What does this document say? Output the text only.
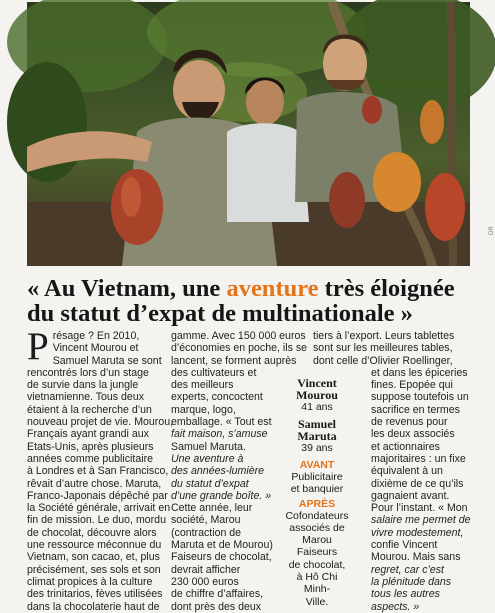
DR
« Au Vietnam, une aventure très éloignée
du statut d’expat de multinationale »
P résage ? En 2010,
Vincent Mourou et
Samuel Maruta se sont
rencontrés lors d’un stage
de survie dans la jungle
vietnamienne. Tous deux
étaient à la recherche d’un
nouveau projet de vie. Mourou,
Français ayant grandi aux
Etats-Unis, après plusieurs
années comme publicitaire
à Londres et à San Francisco,
rêvait d’autre chose. Maruta,
Franco-Japonais dépêché par
la Société générale, arrivait en
fin de mission. Le duo, mordu
de chocolat, découvre alors
une ressource méconnue du
Vietnam, son cacao, et, plus
précisément, ses sols et son
climat propices à la culture
des trinitarios, fèves utilisées
dans la chocolaterie haut de
gamme. Avec 150 000 euros
d’économies en poche, ils se
lancent, se forment auprès
des cultivateurs et
des meilleurs
experts, concoctent
marque, logo,
emballage. « Tout est
fait maison, s’amuse
Samuel Maruta.
Une aventure à
des années-lumière
du statut d’expat
d’une grande boîte. »
Cette année, leur
société, Marou
(contraction de
Maruta et de Mourou)
Faiseurs de chocolat,
devrait afficher
230 000 euros
de chiffre d’affaires,
dont près des deux
Vincent
Mourou
41 ans
Samuel
Maruta
39 ans
AVANT
Publicitaire
et banquier
APRÈS
Cofondateurs
associés de
Marou Faiseurs
de chocolat,
à Hô Chi Minh-
Ville.
tiers à l’export. Leurs tablettes
sont sur les meilleures tables,
dont celle d’Olivier Roellinger,
et dans les épiceries
fines. Epopée qui
suppose toutefois un
sacrifice en termes
de revenus pour
les deux associés
et actionnaires
majoritaires : un fixe
équivalent à un
dixième de ce qu’ils
gagnaient avant.
Pour l’instant. « Mon
salaire me permet de
vivre modestement,
confie Vincent
Mourou. Mais sans
regret, car c’est
la plénitude dans
tous les autres
aspects. »
